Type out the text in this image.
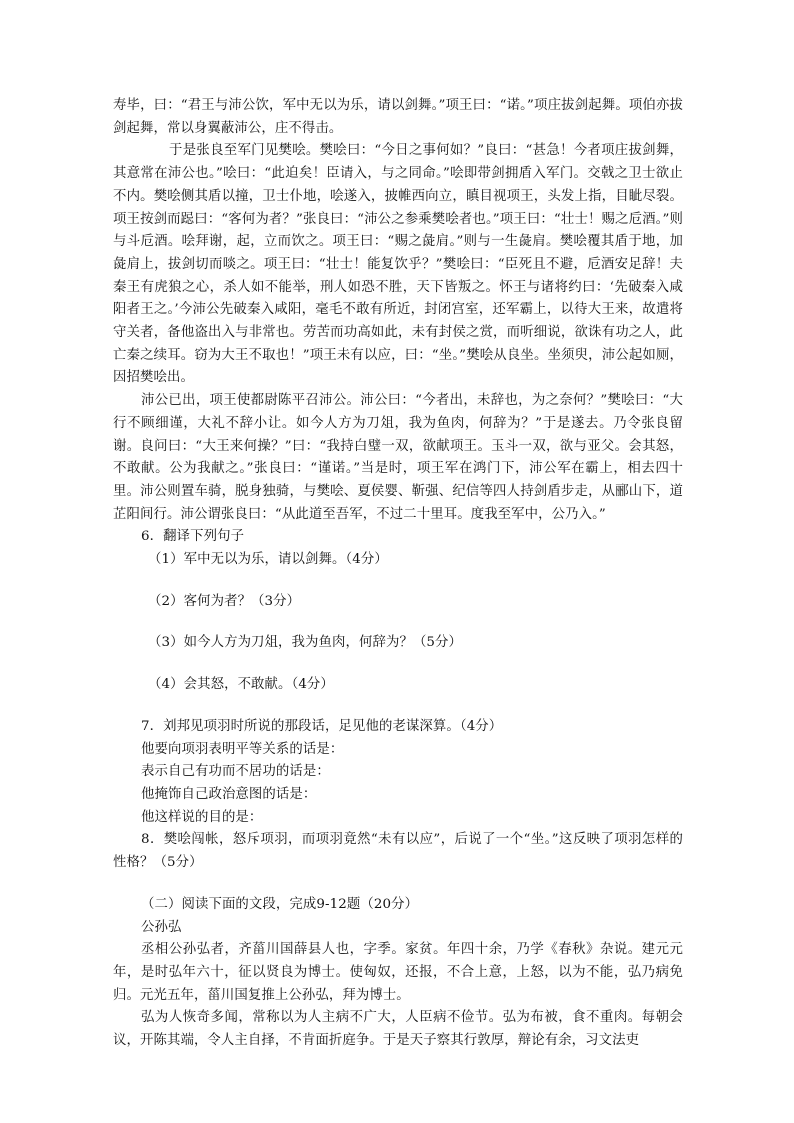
寿毕，曰：“君王与沛公饮，军中无以为乐，请以剑舞。”项王曰：“诺。”项庄拔剑起舞。项伯亦拔剑起舞，常以身翼蔽沛公，庄不得击。

于是张良至军门见樊哙。樊哙曰：“今日之事何如？”良曰：“甚急！今者项庄拔剑舞，其意常在沛公也。”哙曰：“此迫矣！臣请入，与之同命。”哙即带剑拥盾入军门。交戟之卫士欲止不内。樊哙侧其盾以撞，卫士仆地，哙遂入，披帷西向立，瞋目视项王，头发上指，目眦尽裂。项王按剑而跽曰：“客何为者？”张良曰：“沛公之参乘樊哙者也。”项王曰：“壮士！赐之卮酒。”则与斗卮酒。哙拜谢，起，立而饮之。项王曰：“赐之彘肩。”则与一生彘肩。樊哙覆其盾于地，加彘肩上，拔剑切而啖之。项王曰：“壮士！能复饮乎？”樊哙曰：“臣死且不避，卮酒安足辞！夫秦王有虎狼之心，杀人如不能举，刑人如恐不胜，天下皆叛之。怀王与诸将约曰：‘先破秦入咸阳者王之。’今沛公先破秦入咸阳，毫毛不敢有所近，封闭宫室，还军霸上，以待大王来，故遣将守关者，备他盗出入与非常也。劳苦而功高如此，未有封侯之赏，而听细说，欲诛有功之人，此亡秦之续耳。窃为大王不取也！”项王未有以应，曰：“坐。”樊哙从良坐。坐须臾，沛公起如厕，因招樊哙出。

沛公已出，项王使都尉陈平召沛公。沛公曰：“今者出，未辞也，为之奈何？”樊哙曰：“大行不顾细谨，大礼不辞小让。如今人方为刀俎，我为鱼肉，何辞为？”于是遂去。乃令张良留谢。良问曰：“大王来何操？”曰：“我持白璧一双，欲献项王。玉斗一双，欲与亚父。会其怒，不敢献。公为我献之。”张良曰：“谨诺。”当是时，项王军在鸿门下，沛公军在霸上，相去四十里。沛公则置车骑，脱身独骑，与樊哙、夏侯婴、靳强、纪信等四人持剑盾步走，从郦山下，道芷阳间行。沛公谓张良曰：“从此道至吾军，不过二十里耳。度我至军中，公乃入。”

6．翻译下列句子

（1）军中无以为乐，请以剑舞。（4分）

（2）客何为者？（3分）

（3）如今人方为刀俎，我为鱼肉，何辞为？（5分）

（4）会其怒，不敢献。（4分）

7．刘邦见项羽时所说的那段话，足见他的老谋深算。（4分）

他要向项羽表明平等关系的话是：

表示自己有功而不居功的话是：

他掩饰自己政治意图的话是：

他这样说的目的是：

8．樊哙闯帐，怒斥项羽，而项羽竟然“未有以应”，后说了一个“坐。”这反映了项羽怎样的性格？（5分）

（二）阅读下面的文段，完成9-12题（20分）

公孙弘

丞相公孙弘者，齐菑川国薛县人也，字季。家贫。年四十余，乃学《春秋》杂说。建元元年，是时弘年六十，征以贤良为博士。使匈奴，还报，不合上意，上怒，以为不能，弘乃病免归。元光五年，菑川国复推上公孙弘，拜为博士。

弘为人恢奇多闻，常称以为人主病不广大，人臣病不俭节。弘为布被，食不重肉。每朝会议，开陈其端，令人主自择，不肯面折庭争。于是天子察其行敦厚，辩论有余，习文法吏
